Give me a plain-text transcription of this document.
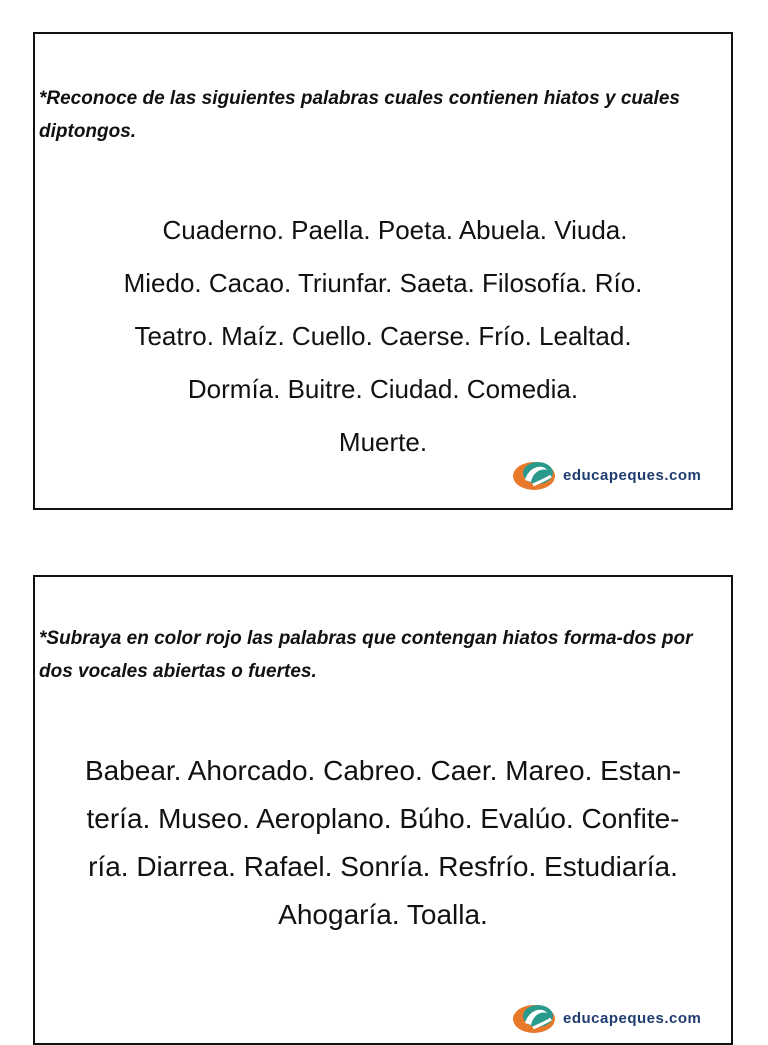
*Reconoce de las siguientes palabras cuales contienen hiatos y cuales diptongos.

Cuaderno. Paella. Poeta. Abuela. Viuda.
Miedo. Cacao. Triunfar. Saeta. Filosofía. Río.
Teatro. Maíz. Cuello. Caerse. Frío. Lealtad.
Dormía. Buitre. Ciudad. Comedia.
Muerte.
educapeques.com

*Subraya en color rojo las palabras que contengan hiatos forma-dos por dos vocales abiertas o fuertes.

Babear. Ahorcado. Cabreo. Caer. Mareo. Estan-
tería. Museo. Aeroplano. Búho. Evalúo. Confite-
ría. Diarrea. Rafael. Sonría. Resfrío. Estudiaría.
Ahogaría. Toalla.
educapeques.com
